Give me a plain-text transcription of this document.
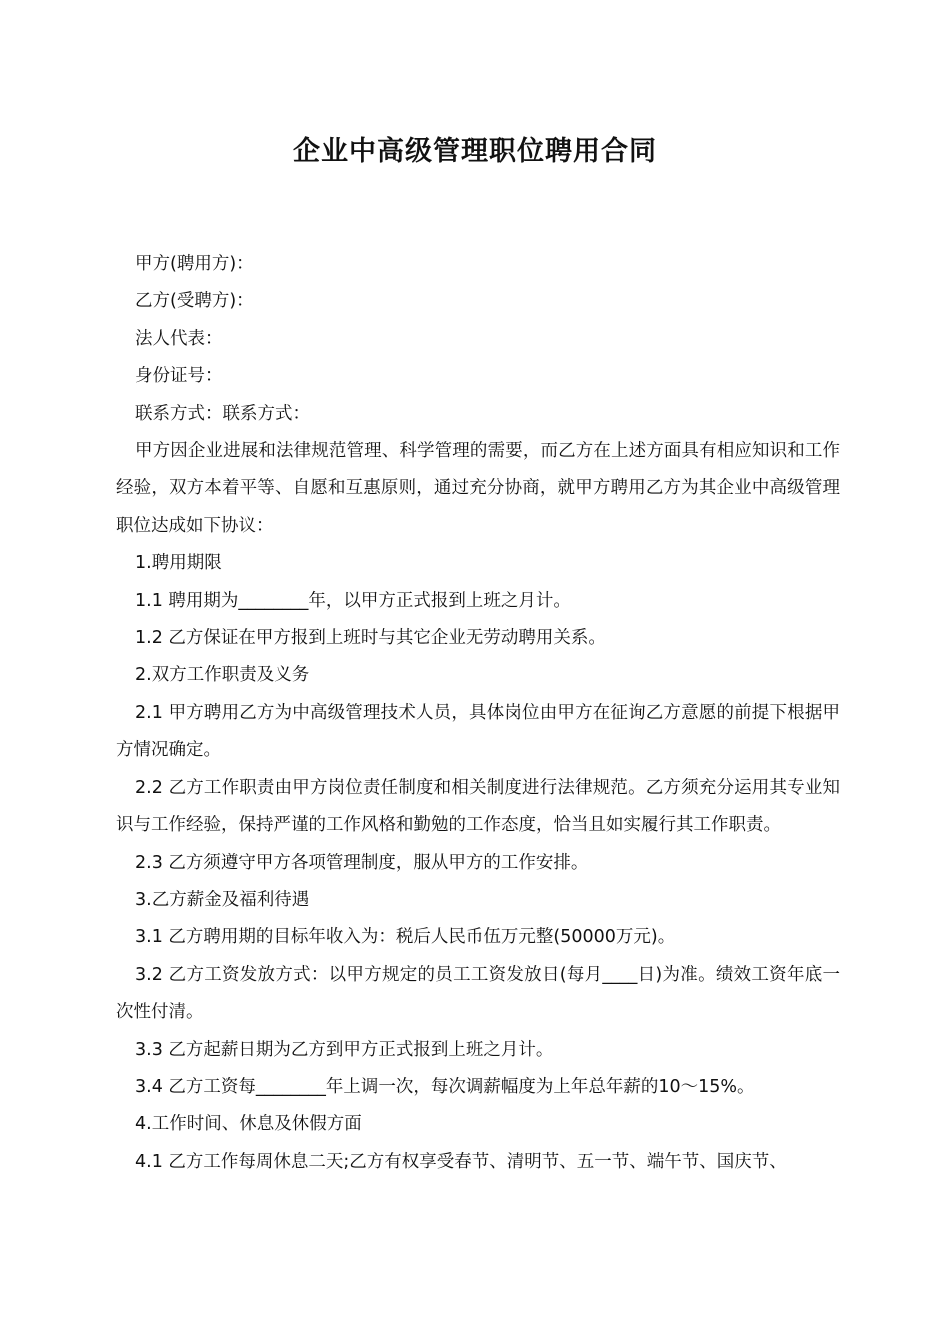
企业中高级管理职位聘用合同

甲方(聘用方)：

乙方(受聘方)：

法人代表：

身份证号：

联系方式：联系方式：

甲方因企业进展和法律规范管理、科学管理的需要，而乙方在上述方面具有相应知识和工作经验，双方本着平等、自愿和互惠原则，通过充分协商，就甲方聘用乙方为其企业中高级管理职位达成如下协议：

1.聘用期限

1.1 聘用期为________年，以甲方正式报到上班之月计。

1.2 乙方保证在甲方报到上班时与其它企业无劳动聘用关系。

2.双方工作职责及义务

2.1 甲方聘用乙方为中高级管理技术人员，具体岗位由甲方在征询乙方意愿的前提下根据甲方情况确定。

2.2 乙方工作职责由甲方岗位责任制度和相关制度进行法律规范。乙方须充分运用其专业知识与工作经验，保持严谨的工作风格和勤勉的工作态度，恰当且如实履行其工作职责。

2.3 乙方须遵守甲方各项管理制度，服从甲方的工作安排。

3.乙方薪金及福利待遇

3.1 乙方聘用期的目标年收入为：税后人民币伍万元整(50000万元)。

3.2 乙方工资发放方式：以甲方规定的员工工资发放日(每月____日)为准。绩效工资年底一次性付清。

3.3 乙方起薪日期为乙方到甲方正式报到上班之月计。

3.4 乙方工资每________年上调一次，每次调薪幅度为上年总年薪的10～15%。

4.工作时间、休息及休假方面

4.1 乙方工作每周休息二天;乙方有权享受春节、清明节、五一节、端午节、国庆节、
